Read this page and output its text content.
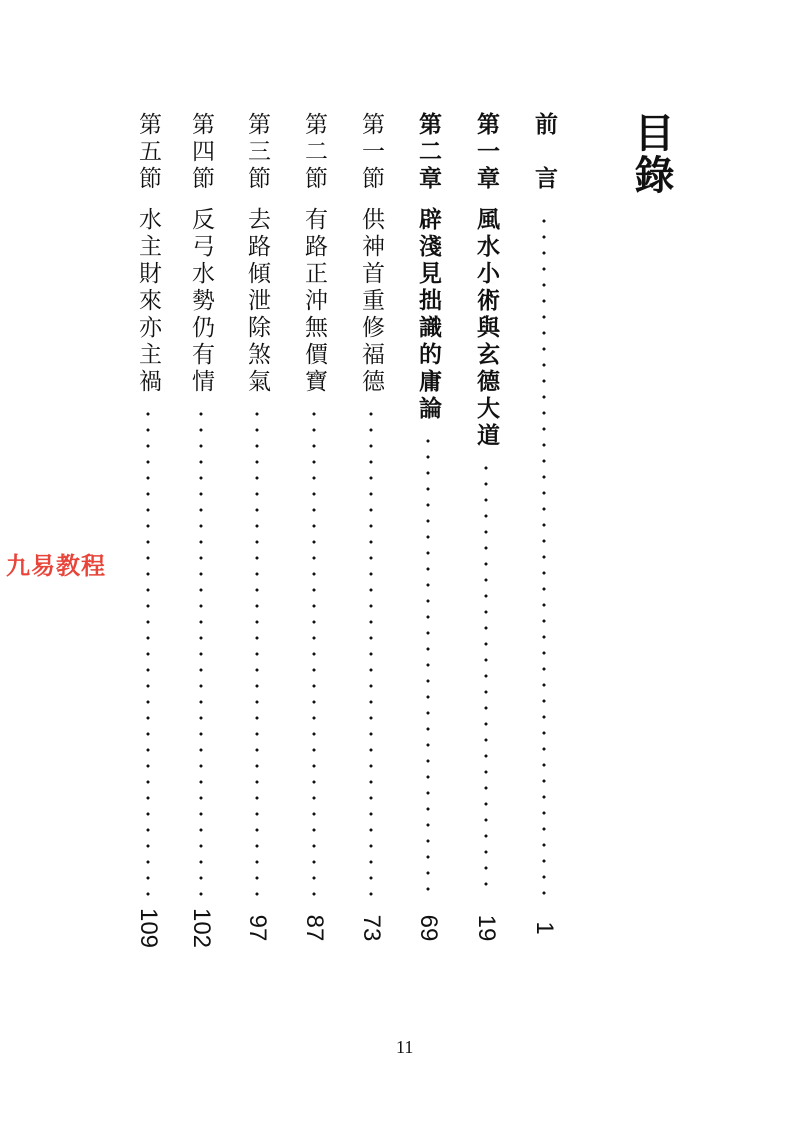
目錄
前　言
1
第一章
風水小術與玄德大道
19
第二章
辟淺見拙識的庸論
69
第一節
供神首重修福德
73
第二節
有路正沖無價寶
87
第三節
去路傾泄除煞氣
97
第四節
反弓水勢仍有情
102
第五節
水主財來亦主禍
109
九易教程
11
